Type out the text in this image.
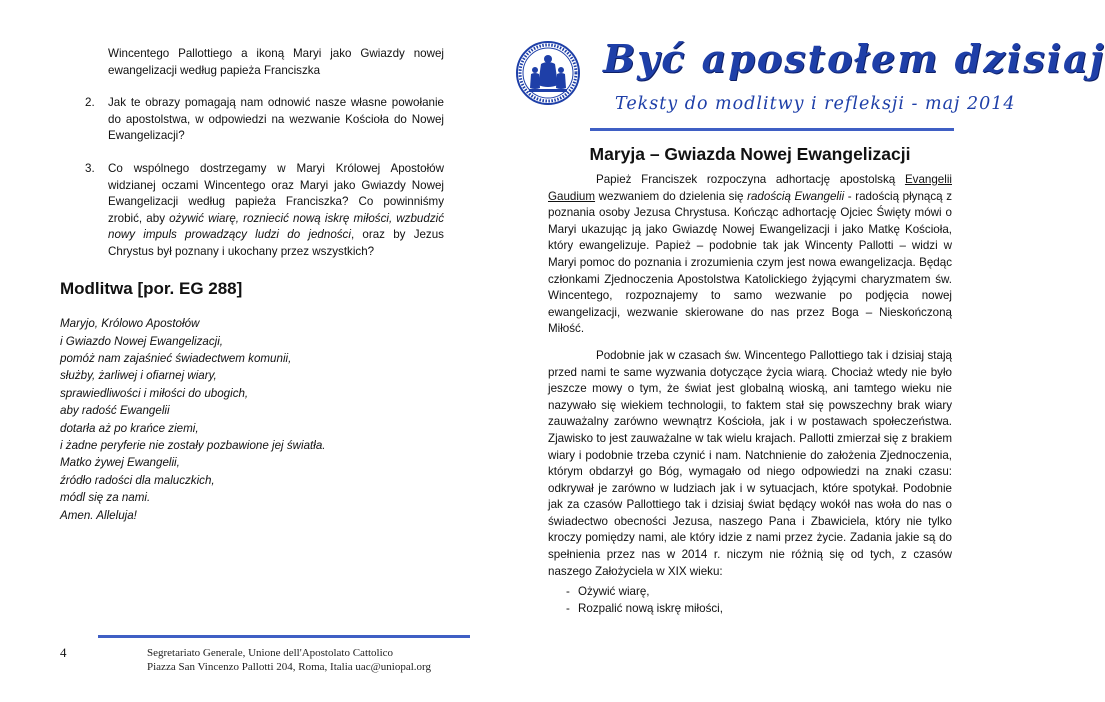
Wincentego Pallottiego a ikoną Maryi jako Gwiazdy nowej ewangelizacji według papieża Franciszka

2.	Jak te obrazy pomagają nam odnowić nasze własne powołanie do apostolstwa, w odpowiedzi na wezwanie Kościoła do Nowej Ewangelizacji?
3.	Co wspólnego dostrzegamy w Maryi Królowej Apostołów widzianej oczami Wincentego oraz Maryi jako Gwiazdy Nowej Ewangelizacji według papieża Franciszka? Co powinniśmy zrobić, aby ożywić wiarę, rozniecić nową iskrę miłości, wzbudzić nowy impuls prowadzący ludzi do jedności, oraz by Jezus Chrystus był poznany i ukochany przez wszystkich?
Modlitwa [por. EG 288]
Maryjo, Królowo Apostołów
i Gwiazdo Nowej Ewangelizacji,
pomóż nam zajaśnieć świadectwem komunii,
służby, żarliwej i ofiarnej wiary,
sprawiedliwości i miłości do ubogich,
aby radość Ewangelii
dotarła aż po krańce ziemi,
i żadne peryferie nie zostały pozbawione jej światła.
Matko żywej Ewangelii,
źródło radości dla maluczkich,
módl się za nami.
Amen. Alleluja!
4	Segretariato Generale, Unione dell'Apostolato Cattolico
Piazza San Vincenzo Pallotti 204, Roma, Italia uac@uniopal.org
Być apostołem dzisiaj
Teksty do modlitwy i refleksji - maj 2014
Maryja – Gwiazda Nowej Ewangelizacji

Papież Franciszek rozpoczyna adhortację apostolską Evangelii Gaudium wezwaniem do dzielenia się radością Ewangelii - radością płynącą z poznania osoby Jezusa Chrystusa. Kończąc adhortację Ojciec Święty mówi o Maryi ukazując ją jako Gwiazdę Nowej Ewangelizacji i jako Matkę Kościoła, który ewangelizuje. Papież – podobnie tak jak Wincenty Pallotti – widzi w Maryi pomoc do poznania i zrozumienia czym jest nowa ewangelizacja. Będąc członkami Zjednoczenia Apostolstwa Katolickiego żyjącymi charyzmatem św. Wincentego, rozpoznajemy to samo wezwanie po podjęcia nowej ewangelizacji, wezwanie skierowane do nas przez Boga – Nieskończoną Miłość.

Podobnie jak w czasach św. Wincentego Pallottiego tak i dzisiaj stają przed nami te same wyzwania dotyczące życia wiarą. Chociaż wtedy nie było jeszcze mowy o tym, że świat jest globalną wioską, ani tamtego wieku nie nazywało się wiekiem technologii, to faktem stał się powszechny brak wiary zauważalny zarówno wewnątrz Kościoła, jak i w postawach społeczeństwa. Zjawisko to jest zauważalne w tak wielu krajach. Pallotti zmierzał się z brakiem wiary i podobnie trzeba czynić i nam. Natchnienie do założenia Zjednoczenia, którym obdarzył go Bóg, wymagało od niego odpowiedzi na znaki czasu: odkrywał je zarówno w ludziach jak i w sytuacjach, które spotykał. Podobnie jak za czasów Pallottiego tak i dzisiaj świat będący wokół nas woła do nas o świadectwo obecności Jezusa, naszego Pana i Zbawiciela, który nie tylko kroczy pomiędzy nami, ale który idzie z nami przez życie. Zadania jakie są do spełnienia przez nas w 2014 r. niczym nie różnią się od tych, z czasów naszego Założyciela w XIX wieku:

- Ożywić wiarę,
- Rozpalić nową iskrę miłości,
